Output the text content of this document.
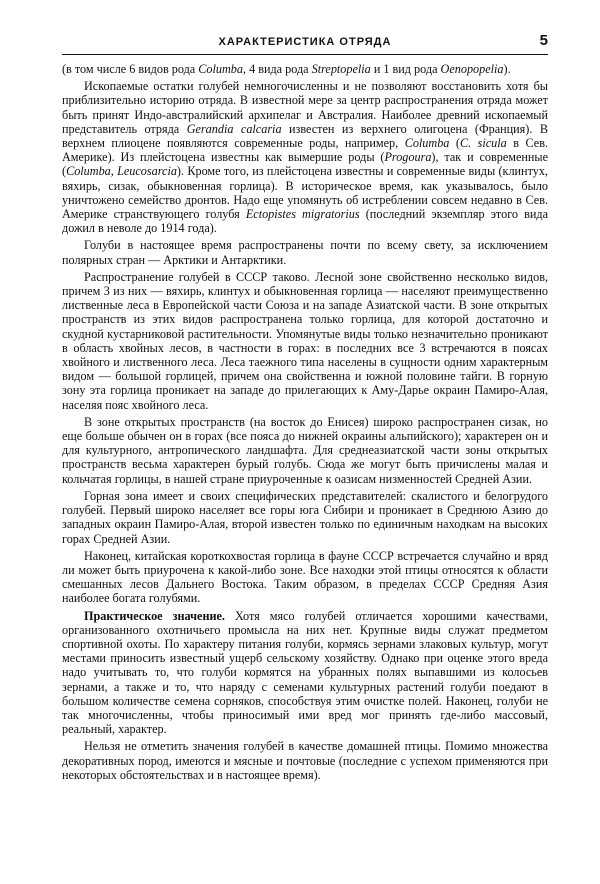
ХАРАКТЕРИСТИКА ОТРЯДА	5

(в том числе 6 видов рода Columba, 4 вида рода Streptopelia и 1 вид рода Oenopopelia).

Ископаемые остатки голубей немногочисленны и не позволяют восстановить хотя бы приблизительно историю отряда. В известной мере за центр распространения отряда может быть принят Индо-австралийский архипелаг и Австралия. Наиболее древний ископаемый представитель отряда Gerandia calcaria известен из верхнего олигоцена (Франция). В верхнем плиоцене появляются современные роды, например, Columba (C. sicula в Сев. Америке). Из плейстоцена известны как вымершие роды (Progoura), так и современные (Columba, Leucosarcia). Кроме того, из плейстоцена известны и современные виды (клинтух, вяхирь, сизак, обыкновенная горлица). В историческое время, как указывалось, было уничтожено семейство дронтов. Надо еще упомянуть об истреблении совсем недавно в Сев. Америке странствующего голубя Ectopistes migratorius (последний экземпляр этого вида дожил в неволе до 1914 года).

Голуби в настоящее время распространены почти по всему свету, за исключением полярных стран — Арктики и Антарктики.

Распространение голубей в СССР таково. Лесной зоне свойственно несколько видов, причем 3 из них — вяхирь, клинтух и обыкновенная горлица — населяют преимущественно лиственные леса в Европейской части Союза и на западе Азиатской части. В зоне открытых пространств из этих видов распространена только горлица, для которой достаточно и скудной кустарниковой растительности. Упомянутые виды только незначительно проникают в область хвойных лесов, в частности в горах: в последних все 3 встречаются в поясах хвойного и лиственного леса. Леса таежного типа населены в сущности одним характерным видом — большой горлицей, причем она свойственна и южной половине тайги. В горную зону эта горлица проникает на западе до прилегающих к Аму-Дарье окраин Памиро-Алая, населяя пояс хвойного леса.

В зоне открытых пространств (на восток до Енисея) широко распространен сизак, но еще больше обычен он в горах (все пояса до нижней окраины альпийского); характерен он и для культурного, антропического ландшафта. Для среднеазиатской части зоны открытых пространств весьма характерен бурый голубь. Сюда же могут быть причислены малая и кольчатая горлицы, в нашей стране приуроченные к оазисам низменностей Средней Азии.

Горная зона имеет и своих специфических представителей: скалистого и белогрудого голубей. Первый широко населяет все горы юга Сибири и проникает в Среднюю Азию до западных окраин Памиро-Алая, второй известен только по единичным находкам на высоких горах Средней Азии.

Наконец, китайская короткохвостая горлица в фауне СССР встречается случайно и вряд ли может быть приурочена к какой-либо зоне. Все находки этой птицы относятся к области смешанных лесов Дальнего Востока. Таким образом, в пределах СССР Средняя Азия наиболее богата голубями.

Практическое значение. Хотя мясо голубей отличается хорошими качествами, организованного охотничьего промысла на них нет. Крупные виды служат предметом спортивной охоты. По характеру питания голуби, кормясь зернами злаковых культур, могут местами приносить известный ущерб сельскому хозяйству. Однако при оценке этого вреда надо учитывать то, что голуби кормятся на убранных полях выпавшими из колосьев зернами, а также и то, что наряду с семенами культурных растений голуби поедают в большом количестве семена сорняков, способствуя этим очистке полей. Наконец, голуби не так многочисленны, чтобы приносимый ими вред мог принять где-либо массовый, реальный, характер.

Нельзя не отметить значения голубей в качестве домашней птицы. Помимо множества декоративных пород, имеются и мясные и почтовые (последние с успехом применяются при некоторых обстоятельствах и в настоящее время).
